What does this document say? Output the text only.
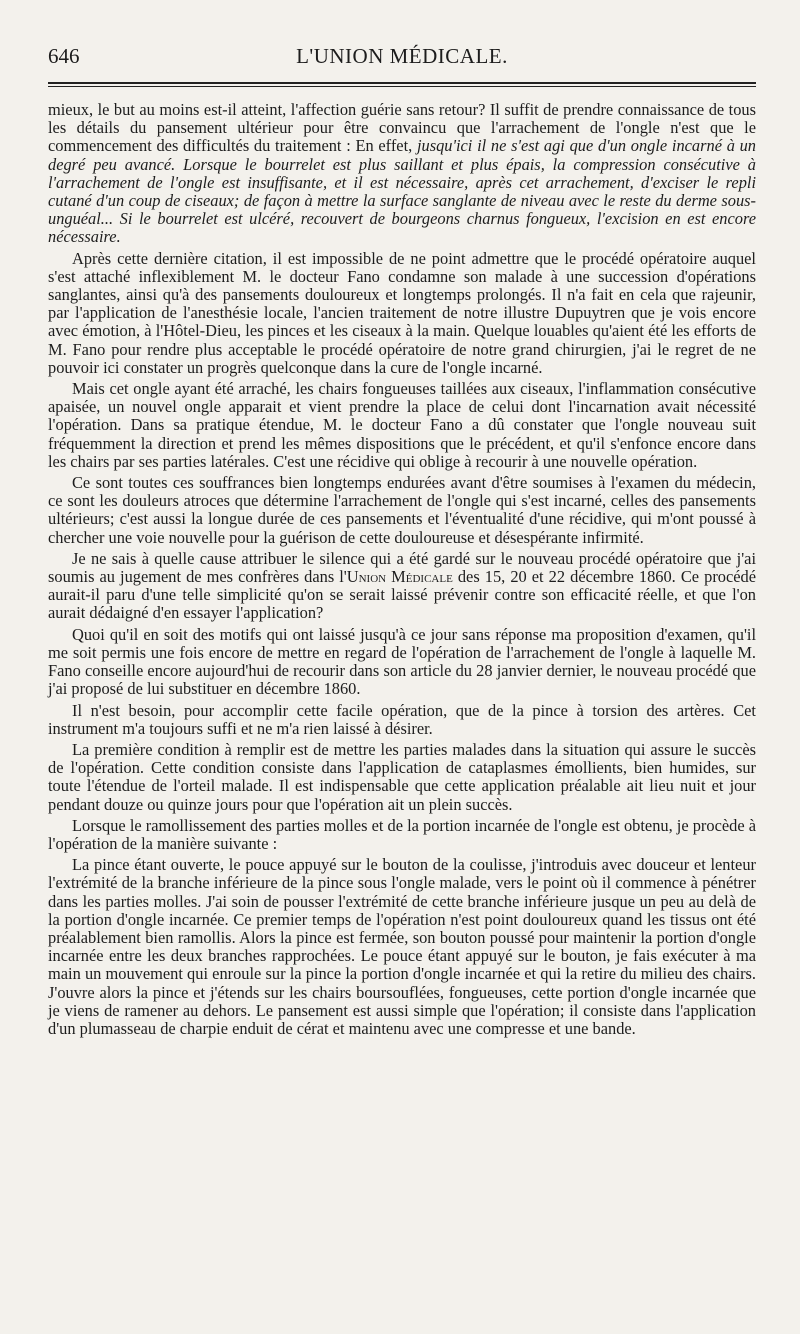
646	L'UNION MÉDICALE.

mieux, le but au moins est-il atteint, l'affection guérie sans retour? Il suffit de prendre connaissance de tous les détails du pansement ultérieur pour être convaincu que l'arrachement de l'ongle n'est que le commencement des difficultés du traitement : En effet, jusqu'ici il ne s'est agi que d'un ongle incarné à un degré peu avancé. Lorsque le bourrelet est plus saillant et plus épais, la compression consécutive à l'arrachement de l'ongle est insuffisante, et il est nécessaire, après cet arrachement, d'exciser le repli cutané d'un coup de ciseaux; de façon à mettre la surface sanglante de niveau avec le reste du derme sous-unguéal... Si le bourrelet est ulcéré, recouvert de bourgeons charnus fongueux, l'excision en est encore nécessaire.

Après cette dernière citation, il est impossible de ne point admettre que le procédé opératoire auquel s'est attaché inflexiblement M. le docteur Fano condamne son malade à une succession d'opérations sanglantes, ainsi qu'à des pansements douloureux et longtemps prolongés. Il n'a fait en cela que rajeunir, par l'application de l'anesthésie locale, l'ancien traitement de notre illustre Dupuytren que je vois encore avec émotion, à l'Hôtel-Dieu, les pinces et les ciseaux à la main. Quelque louables qu'aient été les efforts de M. Fano pour rendre plus acceptable le procédé opératoire de notre grand chirurgien, j'ai le regret de ne pouvoir ici constater un progrès quelconque dans la cure de l'ongle incarné.

Mais cet ongle ayant été arraché, les chairs fongueuses taillées aux ciseaux, l'inflammation consécutive apaisée, un nouvel ongle apparait et vient prendre la place de celui dont l'incarnation avait nécessité l'opération. Dans sa pratique étendue, M. le docteur Fano a dû constater que l'ongle nouveau suit fréquemment la direction et prend les mêmes dispositions que le précédent, et qu'il s'enfonce encore dans les chairs par ses parties latérales. C'est une récidive qui oblige à recourir à une nouvelle opération.

Ce sont toutes ces souffrances bien longtemps endurées avant d'être soumises à l'examen du médecin, ce sont les douleurs atroces que détermine l'arrachement de l'ongle qui s'est incarné, celles des pansements ultérieurs; c'est aussi la longue durée de ces pansements et l'éventualité d'une récidive, qui m'ont poussé à chercher une voie nouvelle pour la guérison de cette douloureuse et désespérante infirmité.

Je ne sais à quelle cause attribuer le silence qui a été gardé sur le nouveau procédé opératoire que j'ai soumis au jugement de mes confrères dans l'Union Médicale des 15, 20 et 22 décembre 1860. Ce procédé aurait-il paru d'une telle simplicité qu'on se serait laissé prévenir contre son efficacité réelle, et que l'on aurait dédaigné d'en essayer l'application?

Quoi qu'il en soit des motifs qui ont laissé jusqu'à ce jour sans réponse ma proposition d'examen, qu'il me soit permis une fois encore de mettre en regard de l'opération de l'arrachement de l'ongle à laquelle M. Fano conseille encore aujourd'hui de recourir dans son article du 28 janvier dernier, le nouveau procédé que j'ai proposé de lui substituer en décembre 1860.

Il n'est besoin, pour accomplir cette facile opération, que de la pince à torsion des artères. Cet instrument m'a toujours suffi et ne m'a rien laissé à désirer.

La première condition à remplir est de mettre les parties malades dans la situation qui assure le succès de l'opération. Cette condition consiste dans l'application de cataplasmes émollients, bien humides, sur toute l'étendue de l'orteil malade. Il est indispensable que cette application préalable ait lieu nuit et jour pendant douze ou quinze jours pour que l'opération ait un plein succès.

Lorsque le ramollissement des parties molles et de la portion incarnée de l'ongle est obtenu, je procède à l'opération de la manière suivante :

La pince étant ouverte, le pouce appuyé sur le bouton de la coulisse, j'introduis avec douceur et lenteur l'extrémité de la branche inférieure de la pince sous l'ongle malade, vers le point où il commence à pénétrer dans les parties molles. J'ai soin de pousser l'extrémité de cette branche inférieure jusque un peu au delà de la portion d'ongle incarnée. Ce premier temps de l'opération n'est point douloureux quand les tissus ont été préalablement bien ramollis. Alors la pince est fermée, son bouton poussé pour maintenir la portion d'ongle incarnée entre les deux branches rapprochées. Le pouce étant appuyé sur le bouton, je fais exécuter à ma main un mouvement qui enroule sur la pince la portion d'ongle incarnée et qui la retire du milieu des chairs. J'ouvre alors la pince et j'étends sur les chairs boursouflées, fongueuses, cette portion d'ongle incarnée que je viens de ramener au dehors. Le pansement est aussi simple que l'opération; il consiste dans l'application d'un plumasseau de charpie enduit de cérat et maintenu avec une compresse et une bande.
